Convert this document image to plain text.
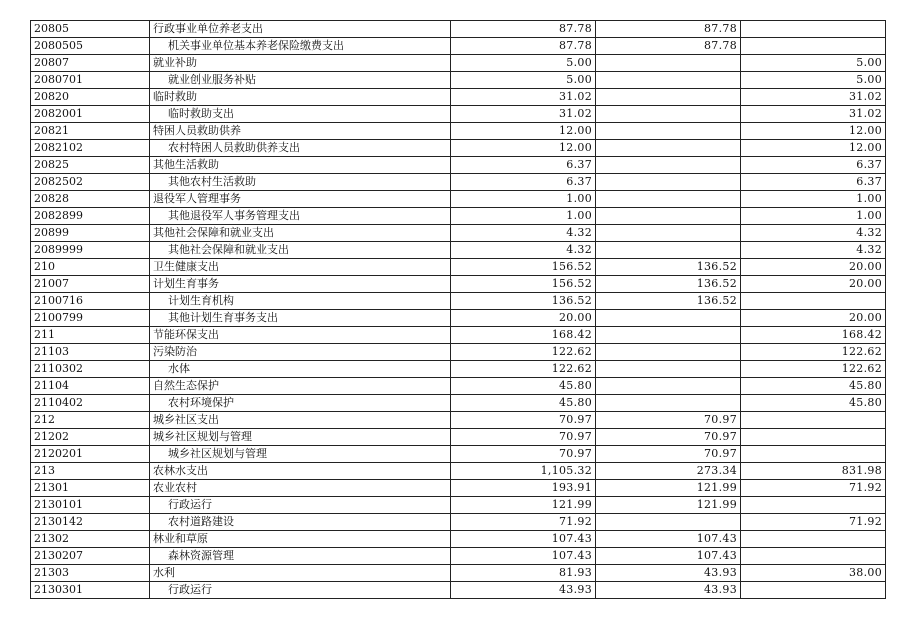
20805	行政事业单位养老支出	87.78	87.78	
2080505	机关事业单位基本养老保险缴费支出	87.78	87.78	
20807	就业补助	5.00		5.00
2080701	就业创业服务补贴	5.00		5.00
20820	临时救助	31.02		31.02
2082001	临时救助支出	31.02		31.02
20821	特困人员救助供养	12.00		12.00
2082102	农村特困人员救助供养支出	12.00		12.00
20825	其他生活救助	6.37		6.37
2082502	其他农村生活救助	6.37		6.37
20828	退役军人管理事务	1.00		1.00
2082899	其他退役军人事务管理支出	1.00		1.00
20899	其他社会保障和就业支出	4.32		4.32
2089999	其他社会保障和就业支出	4.32		4.32
210	卫生健康支出	156.52	136.52	20.00
21007	计划生育事务	156.52	136.52	20.00
2100716	计划生育机构	136.52	136.52	
2100799	其他计划生育事务支出	20.00		20.00
211	节能环保支出	168.42		168.42
21103	污染防治	122.62		122.62
2110302	水体	122.62		122.62
21104	自然生态保护	45.80		45.80
2110402	农村环境保护	45.80		45.80
212	城乡社区支出	70.97	70.97	
21202	城乡社区规划与管理	70.97	70.97	
2120201	城乡社区规划与管理	70.97	70.97	
213	农林水支出	1,105.32	273.34	831.98
21301	农业农村	193.91	121.99	71.92
2130101	行政运行	121.99	121.99	
2130142	农村道路建设	71.92		71.92
21302	林业和草原	107.43	107.43	
2130207	森林资源管理	107.43	107.43	
21303	水利	81.93	43.93	38.00
2130301	行政运行	43.93	43.93	
